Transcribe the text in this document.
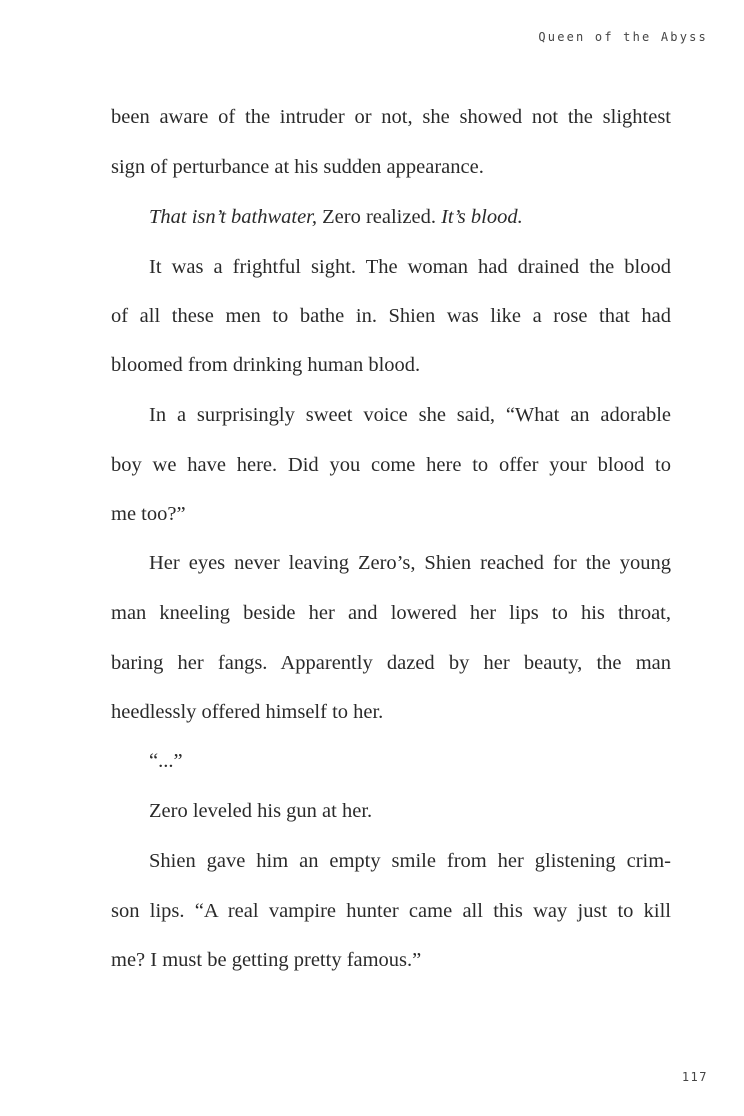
Queen of the Abyss
been aware of the intruder or not, she showed not the slightest
sign of perturbance at his sudden appearance.
That isn’t bathwater, Zero realized. It’s blood.
It was a frightful sight. The woman had drained the blood
of all these men to bathe in. Shien was like a rose that had
bloomed from drinking human blood.
In a surprisingly sweet voice she said, “What an adorable
boy we have here. Did you come here to offer your blood to
me too?”
Her eyes never leaving Zero’s, Shien reached for the young
man kneeling beside her and lowered her lips to his throat,
baring her fangs. Apparently dazed by her beauty, the man
heedlessly offered himself to her.
“...”
Zero leveled his gun at her.
Shien gave him an empty smile from her glistening crim-
son lips. “A real vampire hunter came all this way just to kill
me? I must be getting pretty famous.”
117
